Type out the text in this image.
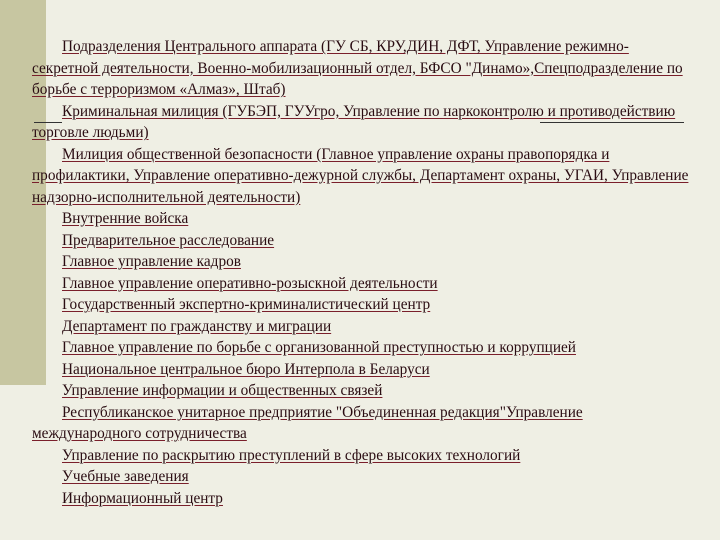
Подразделения Центрального аппарата (ГУ СБ, КРУ,ДИН, ДФТ, Управление режимно-секретной деятельности, Военно-мобилизационный отдел, БФСО "Динамо»,Спецподразделение по борьбе с терроризмом «Алмаз», Штаб)

Криминальная милиция (ГУБЭП, ГУУгро, Управление по наркоконтролю и противодействию торговле людьми)

Милиция общественной безопасности (Главное управление охраны правопорядка и профилактики, Управление оперативно-дежурной службы, Департамент охраны, УГАИ, Управление надзорно-исполнительной деятельности)

Внутренние войска

Предварительное расследование

Главное управление кадров

Главное управление оперативно-розыскной деятельности

Государственный экспертно-криминалистический центр

Департамент по гражданству и миграции

Главное управление по борьбе с организованной преступностью и коррупцией

Национальное центральное бюро Интерпола в Беларуси

Управление информации и общественных связей

Республиканское унитарное предприятие "Объединенная редакция"Управление международного сотрудничества

Управление по раскрытию преступлений в сфере высоких технологий

Учебные заведения

Информационный центр
